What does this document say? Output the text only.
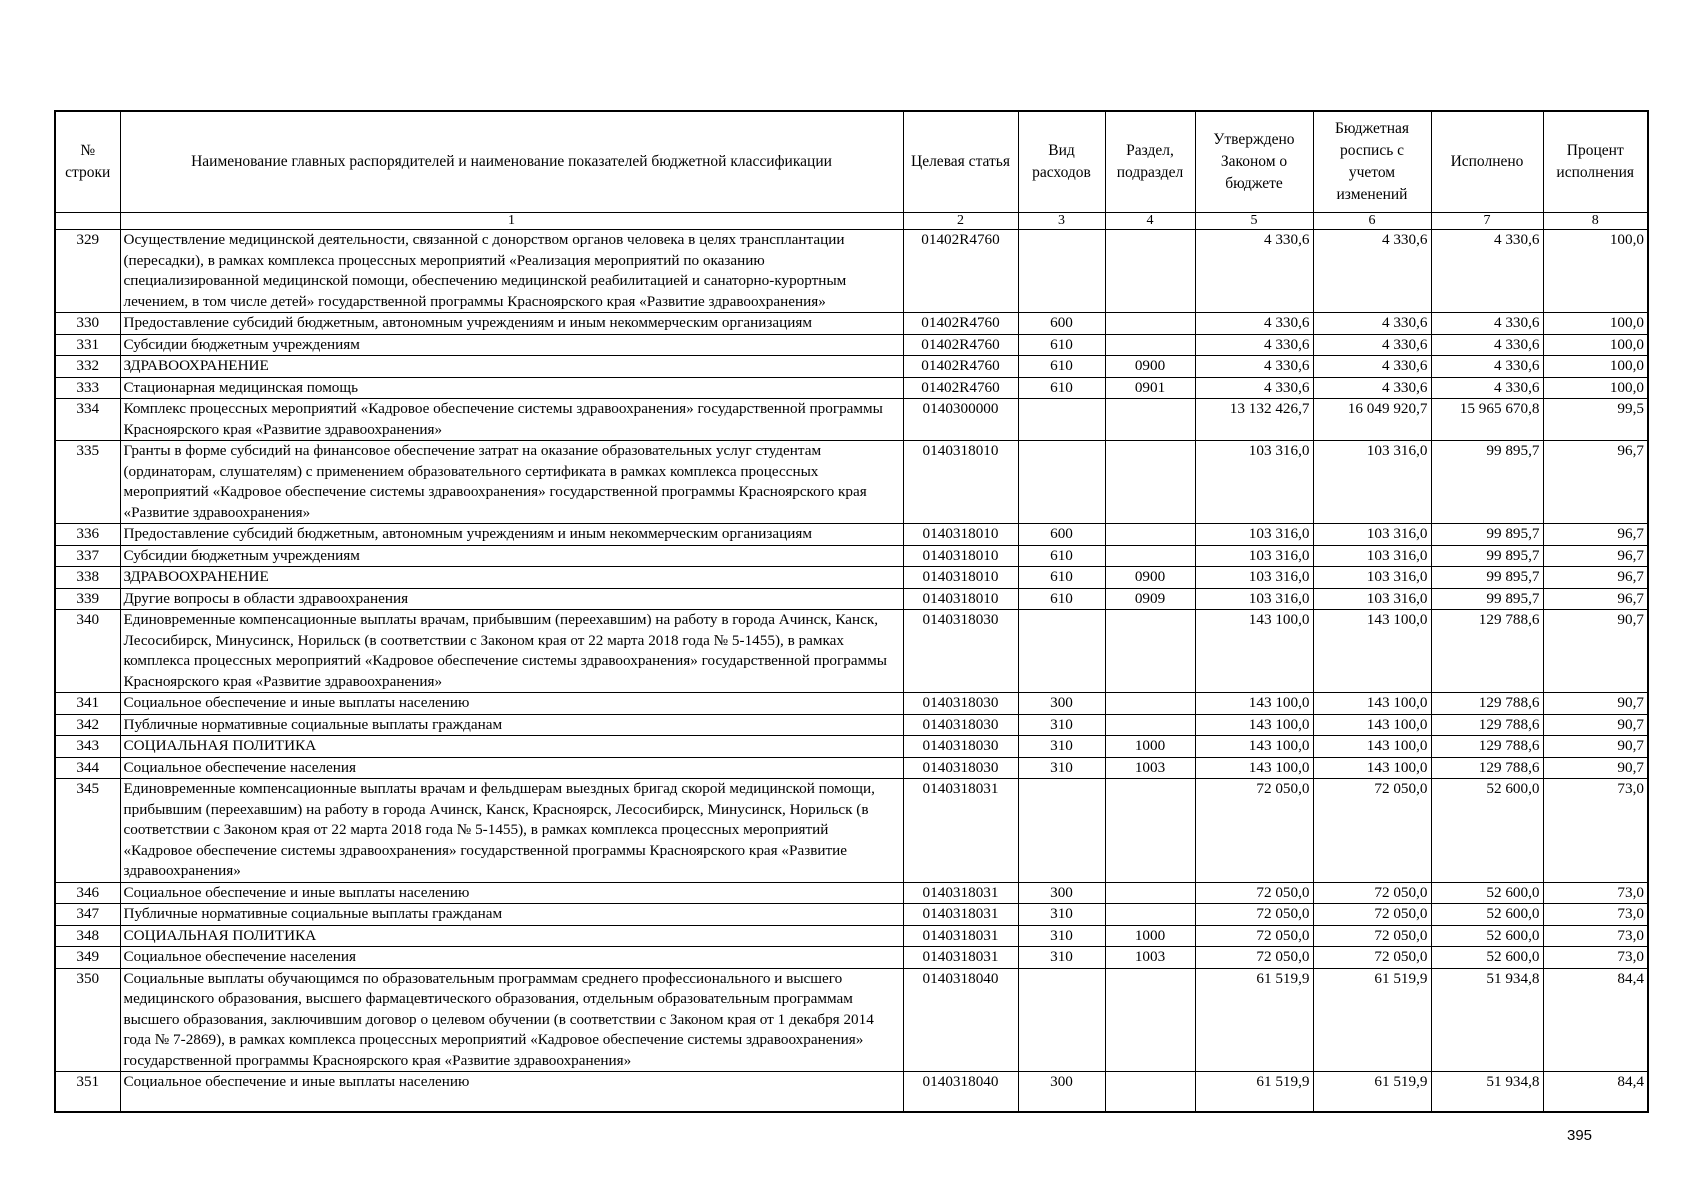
№ строки	Наименование главных распорядителей и наименование показателей бюджетной классификации	Целевая статья	Вид расходов	Раздел, подраздел	Утверждено Законом о бюджете	Бюджетная роспись с учетом изменений	Исполнено	Процент исполнения
	1	2	3	4	5	6	7	8
329	Осуществление медицинской деятельности, связанной с донорством органов человека в целях трансплантации (пересадки), в рамках комплекса процессных мероприятий «Реализация мероприятий по оказанию специализированной медицинской помощи, обеспечению медицинской реабилитацией и санаторно-курортным лечением, в том числе детей» государственной программы Красноярского края «Развитие здравоохранения»	01402R4760			4 330,6	4 330,6	4 330,6	100,0
330	Предоставление субсидий бюджетным, автономным учреждениям и иным некоммерческим организациям	01402R4760	600		4 330,6	4 330,6	4 330,6	100,0
331	Субсидии бюджетным учреждениям	01402R4760	610		4 330,6	4 330,6	4 330,6	100,0
332	ЗДРАВООХРАНЕНИЕ	01402R4760	610	0900	4 330,6	4 330,6	4 330,6	100,0
333	Стационарная медицинская помощь	01402R4760	610	0901	4 330,6	4 330,6	4 330,6	100,0
334	Комплекс процессных мероприятий «Кадровое обеспечение системы здравоохранения» государственной программы Красноярского края «Развитие здравоохранения»	0140300000			13 132 426,7	16 049 920,7	15 965 670,8	99,5
335	Гранты в форме субсидий на финансовое обеспечение затрат на оказание образовательных услуг студентам (ординаторам, слушателям) с применением образовательного сертификата в рамках комплекса процессных мероприятий «Кадровое обеспечение системы здравоохранения» государственной программы Красноярского края «Развитие здравоохранения»	0140318010			103 316,0	103 316,0	99 895,7	96,7
336	Предоставление субсидий бюджетным, автономным учреждениям и иным некоммерческим организациям	0140318010	600		103 316,0	103 316,0	99 895,7	96,7
337	Субсидии бюджетным учреждениям	0140318010	610		103 316,0	103 316,0	99 895,7	96,7
338	ЗДРАВООХРАНЕНИЕ	0140318010	610	0900	103 316,0	103 316,0	99 895,7	96,7
339	Другие вопросы в области здравоохранения	0140318010	610	0909	103 316,0	103 316,0	99 895,7	96,7
340	Единовременные компенсационные выплаты врачам, прибывшим (переехавшим) на работу в города Ачинск, Канск, Лесосибирск, Минусинск, Норильск (в соответствии с Законом края от 22 марта 2018 года № 5-1455), в рамках комплекса процессных мероприятий «Кадровое обеспечение системы здравоохранения» государственной программы Красноярского края «Развитие здравоохранения»	0140318030			143 100,0	143 100,0	129 788,6	90,7
341	Социальное обеспечение и иные выплаты населению	0140318030	300		143 100,0	143 100,0	129 788,6	90,7
342	Публичные нормативные социальные выплаты гражданам	0140318030	310		143 100,0	143 100,0	129 788,6	90,7
343	СОЦИАЛЬНАЯ ПОЛИТИКА	0140318030	310	1000	143 100,0	143 100,0	129 788,6	90,7
344	Социальное обеспечение населения	0140318030	310	1003	143 100,0	143 100,0	129 788,6	90,7
345	Единовременные компенсационные выплаты врачам и фельдшерам выездных бригад скорой медицинской помощи, прибывшим (переехавшим) на работу в города Ачинск, Канск, Красноярск, Лесосибирск, Минусинск, Норильск (в соответствии с Законом края от 22 марта 2018 года № 5-1455), в рамках комплекса процессных мероприятий «Кадровое обеспечение системы здравоохранения» государственной программы Красноярского края «Развитие здравоохранения»	0140318031			72 050,0	72 050,0	52 600,0	73,0
346	Социальное обеспечение и иные выплаты населению	0140318031	300		72 050,0	72 050,0	52 600,0	73,0
347	Публичные нормативные социальные выплаты гражданам	0140318031	310		72 050,0	72 050,0	52 600,0	73,0
348	СОЦИАЛЬНАЯ ПОЛИТИКА	0140318031	310	1000	72 050,0	72 050,0	52 600,0	73,0
349	Социальное обеспечение населения	0140318031	310	1003	72 050,0	72 050,0	52 600,0	73,0
350	Социальные выплаты обучающимся по образовательным программам среднего профессионального и высшего медицинского образования, высшего фармацевтического образования, отдельным образовательным программам высшего образования, заключившим договор о целевом обучении (в соответствии с Законом края от 1 декабря 2014 года № 7-2869), в рамках комплекса процессных мероприятий «Кадровое обеспечение системы здравоохранения» государственной программы Красноярского края «Развитие здравоохранения»	0140318040			61 519,9	61 519,9	51 934,8	84,4
351	Социальное обеспечение и иные выплаты населению	0140318040	300		61 519,9	61 519,9	51 934,8	84,4
395
